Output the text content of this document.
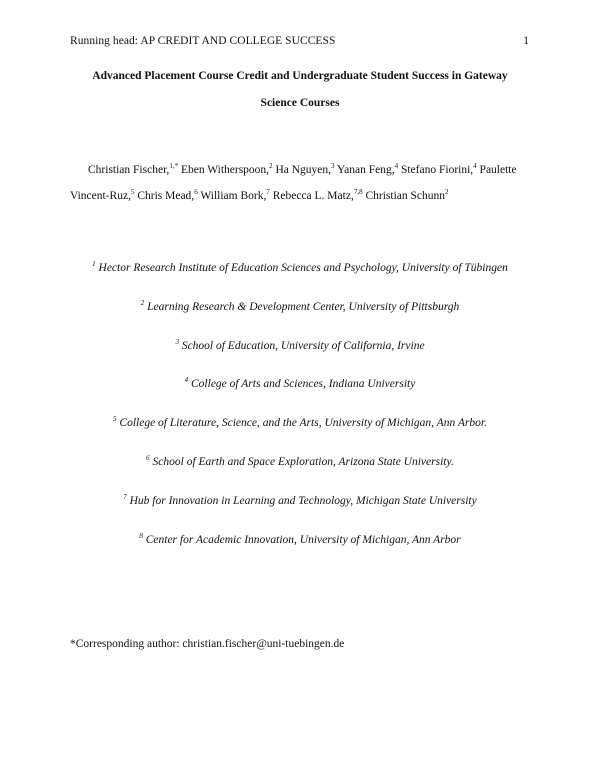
Running head: AP CREDIT AND COLLEGE SUCCESS	1
Advanced Placement Course Credit and Undergraduate Student Success in Gateway
Science Courses
Christian Fischer,$^{1,*}$ Eben Witherspoon,$^2$ Ha Nguyen,$^3$ Yanan Feng,$^4$ Stefano Fiorini,$^4$ Paulette Vincent-Ruz,$^5$ Chris Mead,$^6$ William Bork,$^7$ Rebecca L. Matz,$^{7,8}$ Christian Schunn$^2$
$^1$ Hector Research Institute of Education Sciences and Psychology, University of Tübingen
$^2$ Learning Research & Development Center, University of Pittsburgh
$^3$ School of Education, University of California, Irvine
$^4$ College of Arts and Sciences, Indiana University
$^5$ College of Literature, Science, and the Arts, University of Michigan, Ann Arbor.
$^6$ School of Earth and Space Exploration, Arizona State University.
$^7$ Hub for Innovation in Learning and Technology, Michigan State University
$^8$ Center for Academic Innovation, University of Michigan, Ann Arbor
*Corresponding author: christian.fischer@uni-tuebingen.de
